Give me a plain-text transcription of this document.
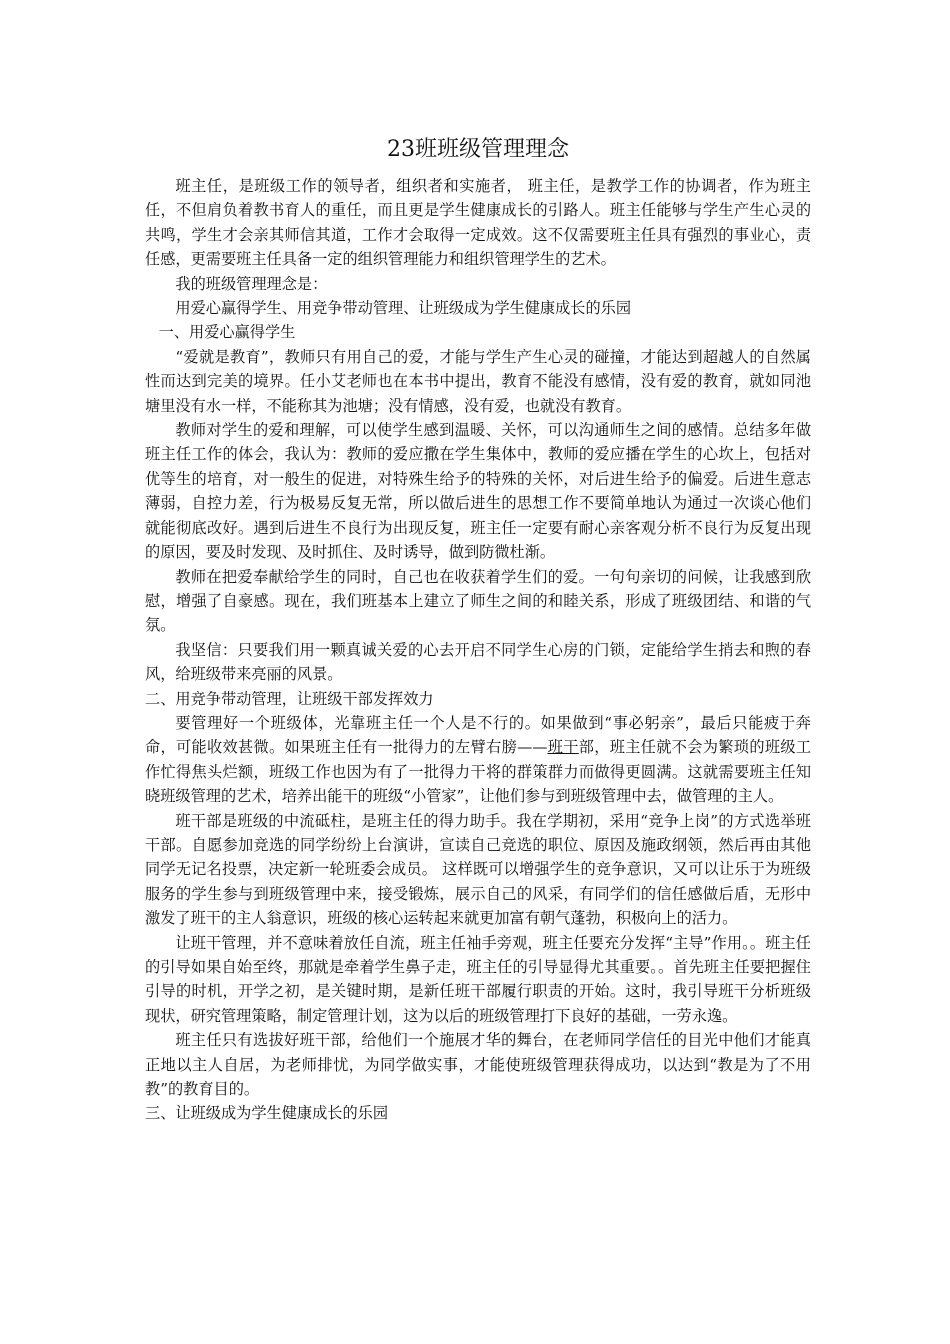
23班班级管理理念

班主任，是班级工作的领导者，组织者和实施者， 班主任，是教学工作的协调者，作为班主任，不但肩负着教书育人的重任，而且更是学生健康成长的引路人。班主任能够与学生产生心灵的共鸣，学生才会亲其师信其道，工作才会取得一定成效。这不仅需要班主任具有强烈的事业心，责任感，更需要班主任具备一定的组织管理能力和组织管理学生的艺术。

我的班级管理理念是：

用爱心赢得学生、用竞争带动管理、让班级成为学生健康成长的乐园

一、用爱心赢得学生

“爱就是教育”，教师只有用自己的爱，才能与学生产生心灵的碰撞，才能达到超越人的自然属性而达到完美的境界。任小艾老师也在本书中提出，教育不能没有感情，没有爱的教育，就如同池塘里没有水一样，不能称其为池塘；没有情感，没有爱，也就没有教育。

教师对学生的爱和理解，可以使学生感到温暖、关怀，可以沟通师生之间的感情。总结多年做班主任工作的体会，我认为：教师的爱应撒在学生集体中，教师的爱应播在学生的心坎上，包括对优等生的培育，对一般生的促进，对特殊生给予的特殊的关怀，对后进生给予的偏爱。后进生意志薄弱，自控力差，行为极易反复无常，所以做后进生的思想工作不要简单地认为通过一次谈心他们就能彻底改好。遇到后进生不良行为出现反复，班主任一定要有耐心亲客观分析不良行为反复出现的原因，要及时发现、及时抓住、及时诱导，做到防微杜渐。

教师在把爱奉献给学生的同时，自己也在收获着学生们的爱。一句句亲切的问候，让我感到欣慰，增强了自豪感。现在，我们班基本上建立了师生之间的和睦关系，形成了班级团结、和谐的气氛。

我坚信：只要我们用一颗真诚关爱的心去开启不同学生心房的门锁，定能给学生捎去和煦的春风，给班级带来亮丽的风景。

二、用竞争带动管理，让班级干部发挥效力

要管理好一个班级体，光靠班主任一个人是不行的。如果做到“事必躬亲”，最后只能疲于奔命，可能收效甚微。如果班主任有一批得力的左臂右膀——班干部，班主任就不会为繁琐的班级工作忙得焦头烂额，班级工作也因为有了一批得力干将的群策群力而做得更圆满。这就需要班主任知晓班级管理的艺术，培养出能干的班级“小管家”，让他们参与到班级管理中去，做管理的主人。

班干部是班级的中流砥柱，是班主任的得力助手。我在学期初，采用“竞争上岗”的方式选举班干部。自愿参加竞选的同学纷纷上台演讲，宣读自己竞选的职位、原因及施政纲领，然后再由其他同学无记名投票，决定新一轮班委会成员。 这样既可以增强学生的竞争意识，又可以让乐于为班级服务的学生参与到班级管理中来，接受锻炼，展示自己的风采，有同学们的信任感做后盾，无形中激发了班干的主人翁意识，班级的核心运转起来就更加富有朝气蓬勃，积极向上的活力。

让班干管理，并不意味着放任自流，班主任袖手旁观，班主任要充分发挥“主导”作用。。班主任的引导如果自始至终，那就是牵着学生鼻子走，班主任的引导显得尤其重要。。首先班主任要把握住引导的时机，开学之初，是关键时期，是新任班干部履行职责的开始。这时，我引导班干分析班级现状，研究管理策略，制定管理计划，这为以后的班级管理打下良好的基础，一劳永逸。

班主任只有选拔好班干部，给他们一个施展才华的舞台，在老师同学信任的目光中他们才能真正地以主人自居，为老师排忧，为同学做实事，才能使班级管理获得成功，以达到“教是为了不用教”的教育目的。

三、让班级成为学生健康成长的乐园
